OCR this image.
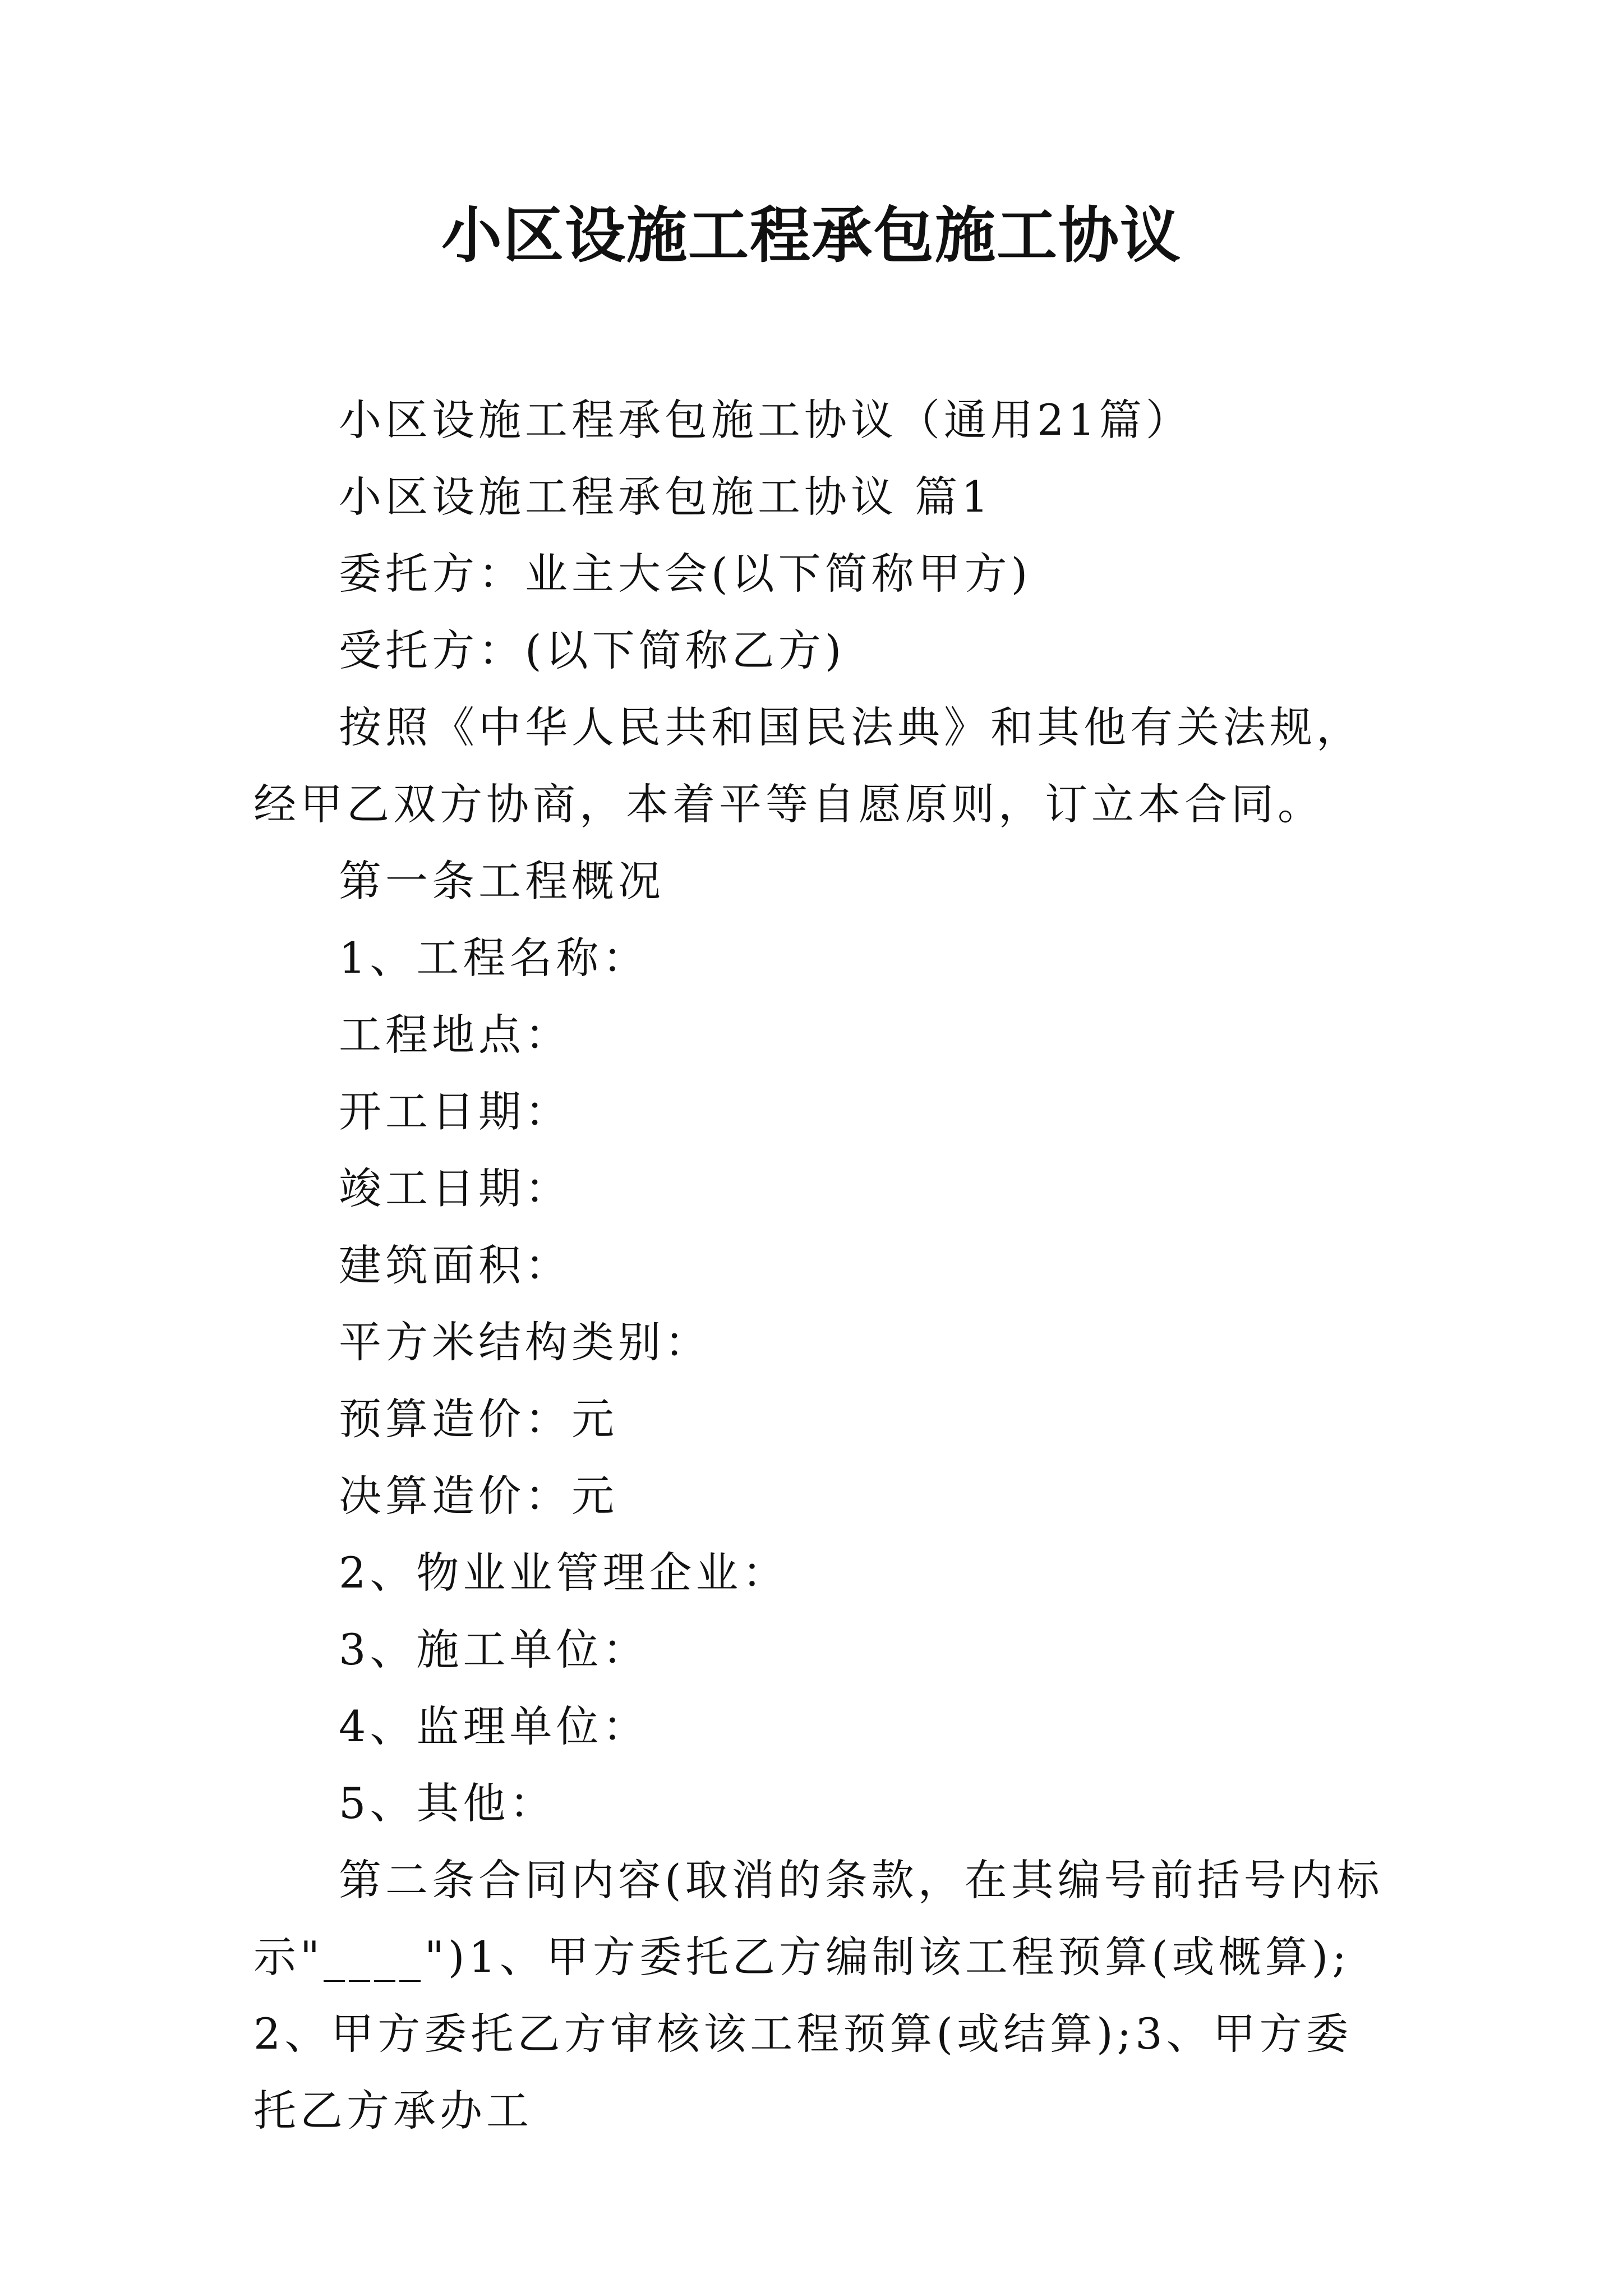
小区设施工程承包施工协议

小区设施工程承包施工协议（通用21篇）

小区设施工程承包施工协议 篇1

委托方：业主大会(以下简称甲方)

受托方：(以下简称乙方)

按照《中华人民共和国民法典》和其他有关法规，经甲乙双方协商，本着平等自愿原则，订立本合同。

第一条工程概况

1、工程名称：

工程地点：

开工日期：

竣工日期：

建筑面积：

平方米结构类别：

预算造价：元

决算造价：元

2、物业业管理企业：

3、施工单位：

4、监理单位：

5、其他：

第二条合同内容(取消的条款，在其编号前括号内标示"____")1、甲方委托乙方编制该工程预算(或概算);2、甲方委托乙方审核该工程预算(或结算);3、甲方委托乙方承办工
